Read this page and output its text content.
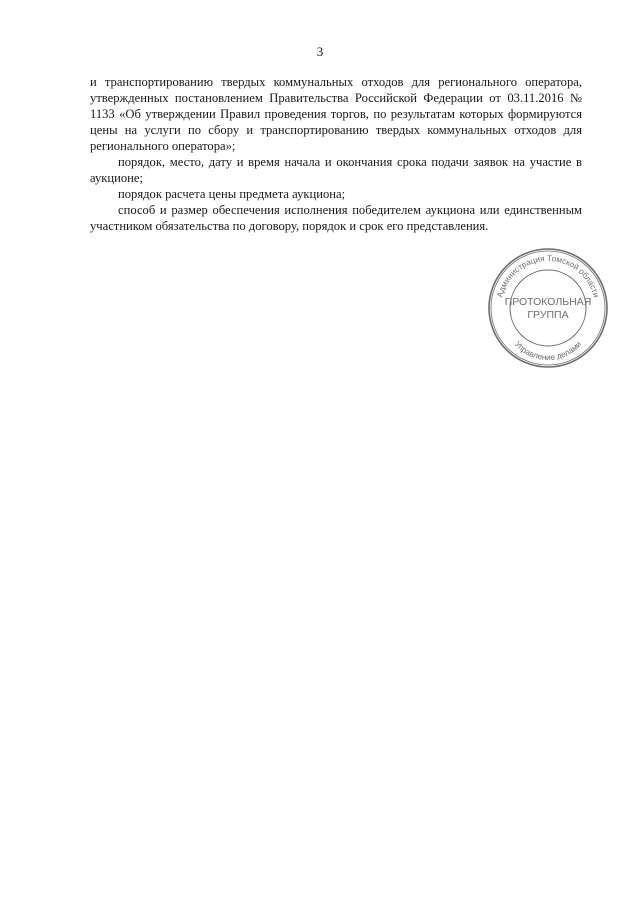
3

и транспортированию твердых коммунальных отходов для регионального оператора, утвержденных постановлением Правительства Российской Федерации от 03.11.2016 № 1133 «Об утверждении Правил проведения торгов, по результатам которых формируются цены на услуги по сбору и транспортированию твердых коммунальных отходов для регионального оператора»;

порядок, место, дату и время начала и окончания срока подачи заявок на участие в аукционе;

порядок расчета цены предмета аукциона;

способ и размер обеспечения исполнения победителем аукциона или единственным участником обязательства по договору, порядок и срок его представления.

Администрация Томской области
Управление делами
ПРОТОКОЛЬНАЯ
ГРУППА
